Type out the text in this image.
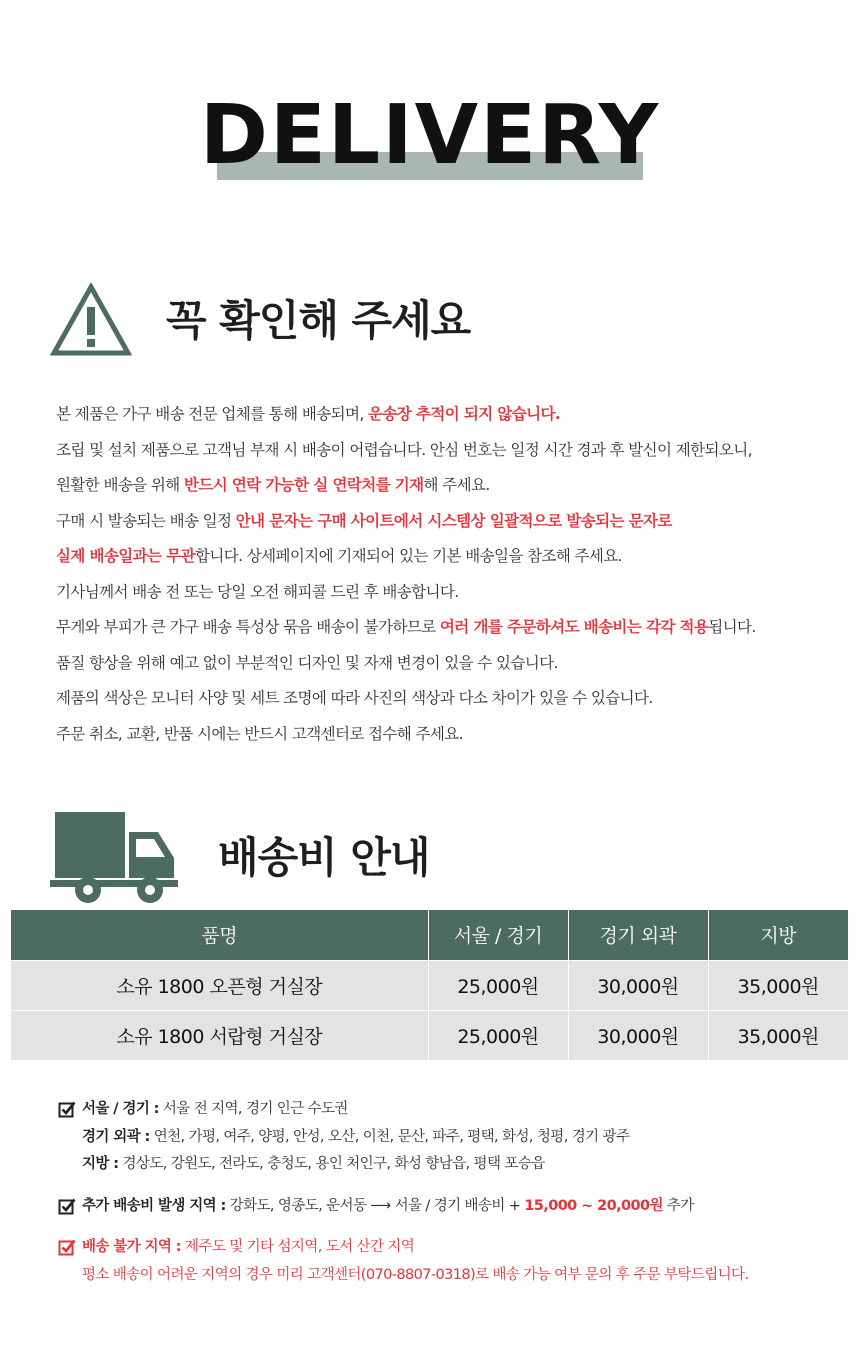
DELIVERY
꼭 확인해 주세요
본 제품은 가구 배송 전문 업체를 통해 배송되며, 운송장 추적이 되지 않습니다.
조립 및 설치 제품으로 고객님 부재 시 배송이 어렵습니다. 안심 번호는 일정 시간 경과 후 발신이 제한되오니,
원활한 배송을 위해 반드시 연락 가능한 실 연락처를 기재해 주세요.
구매 시 발송되는 배송 일정 안내 문자는 구매 사이트에서 시스템상 일괄적으로 발송되는 문자로
실제 배송일과는 무관합니다. 상세페이지에 기재되어 있는 기본 배송일을 참조해 주세요.
기사님께서 배송 전 또는 당일 오전 해피콜 드린 후 배송합니다.
무게와 부피가 큰 가구 배송 특성상 묶음 배송이 불가하므로 여러 개를 주문하셔도 배송비는 각각 적용됩니다.
품질 향상을 위해 예고 없이 부분적인 디자인 및 자재 변경이 있을 수 있습니다.
제품의 색상은 모니터 사양 및 세트 조명에 따라 사진의 색상과 다소 차이가 있을 수 있습니다.
주문 취소, 교환, 반품 시에는 반드시 고객센터로 접수해 주세요.
배송비 안내
품명	서울 / 경기	경기 외곽	지방
소유 1800 오픈형 거실장	25,000원	30,000원	35,000원
소유 1800 서랍형 거실장	25,000원	30,000원	35,000원
서울 / 경기 : 서울 전 지역, 경기 인근 수도권
경기 외곽 : 연천, 가평, 여주, 양평, 안성, 오산, 이천, 문산, 파주, 평택, 화성, 청평, 경기 광주
지방 : 경상도, 강원도, 전라도, 충청도, 용인 처인구, 화성 향남읍, 평택 포승읍
추가 배송비 발생 지역 : 강화도, 영종도, 운서동 ⟶ 서울 / 경기 배송비 + 15,000 ~ 20,000원 추가
배송 불가 지역 : 제주도 및 기타 섬지역, 도서 산간 지역
평소 배송이 어려운 지역의 경우 미리 고객센터(070-8807-0318)로 배송 가능 여부 문의 후 주문 부탁드립니다.
